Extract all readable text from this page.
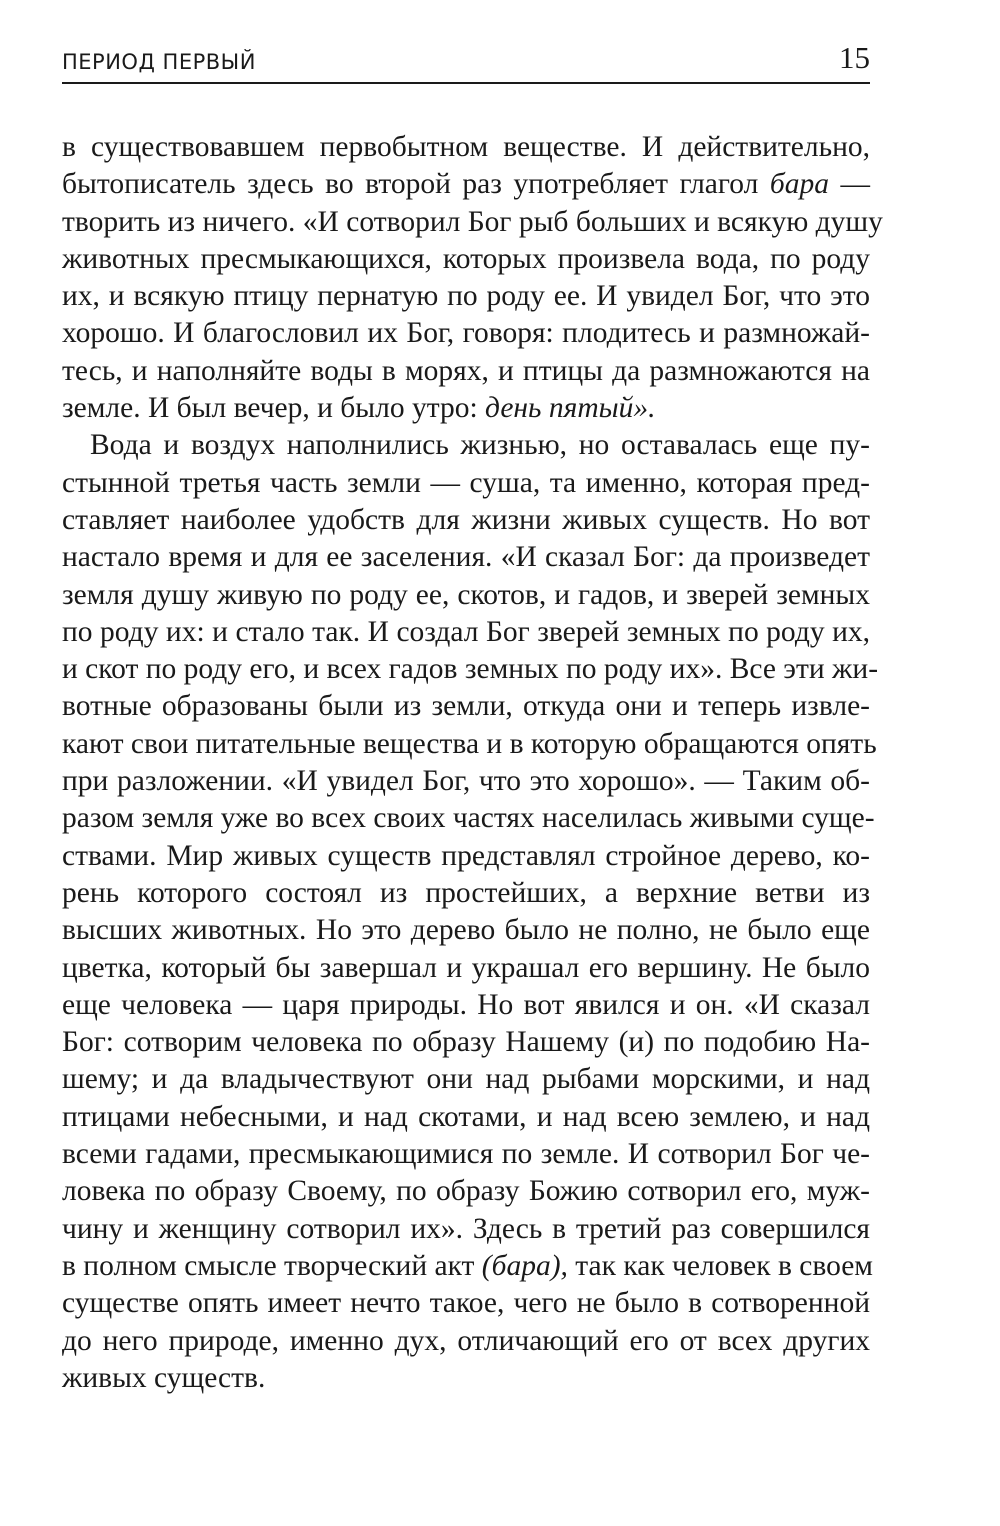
ПЕРИОД ПЕРВЫЙ	15
в существовавшем первобытном веществе. И действительно,
бытописатель здесь во второй раз употребляет глагол бара —
творить из ничего. «И сотворил Бог рыб больших и всякую душу
животных пресмыкающихся, которых произвела вода, по роду
их, и всякую птицу пернатую по роду ее. И увидел Бог, что это
хорошо. И благословил их Бог, говоря: плодитесь и размножай-
тесь, и наполняйте воды в морях, и птицы да размножаются на
земле. И был вечер, и было утро: день пятый».
Вода и воздух наполнились жизнью, но оставалась еще пу-
стынной третья часть земли — суша, та именно, которая пред-
ставляет наиболее удобств для жизни живых существ. Но вот
настало время и для ее заселения. «И сказал Бог: да произведет
земля душу живую по роду ее, скотов, и гадов, и зверей земных
по роду их: и стало так. И создал Бог зверей земных по роду их,
и скот по роду его, и всех гадов земных по роду их». Все эти жи-
вотные образованы были из земли, откуда они и теперь извле-
кают свои питательные вещества и в которую обращаются опять
при разложении. «И увидел Бог, что это хорошо». — Таким об-
разом земля уже во всех своих частях населилась живыми суще-
ствами. Мир живых существ представлял стройное дерево, ко-
рень которого состоял из простейших, а верхние ветви из
высших животных. Но это дерево было не полно, не было еще
цветка, который бы завершал и украшал его вершину. Не было
еще человека — царя природы. Но вот явился и он. «И сказал
Бог: сотворим человека по образу Нашему (и) по подобию На-
шему; и да владычествуют они над рыбами морскими, и над
птицами небесными, и над скотами, и над всею землею, и над
всеми гадами, пресмыкающимися по земле. И сотворил Бог че-
ловека по образу Своему, по образу Божию сотворил его, муж-
чину и женщину сотворил их». Здесь в третий раз совершился
в полном смысле творческий акт (бара), так как человек в своем
существе опять имеет нечто такое, чего не было в сотворенной
до него природе, именно дух, отличающий его от всех других
живых существ.
